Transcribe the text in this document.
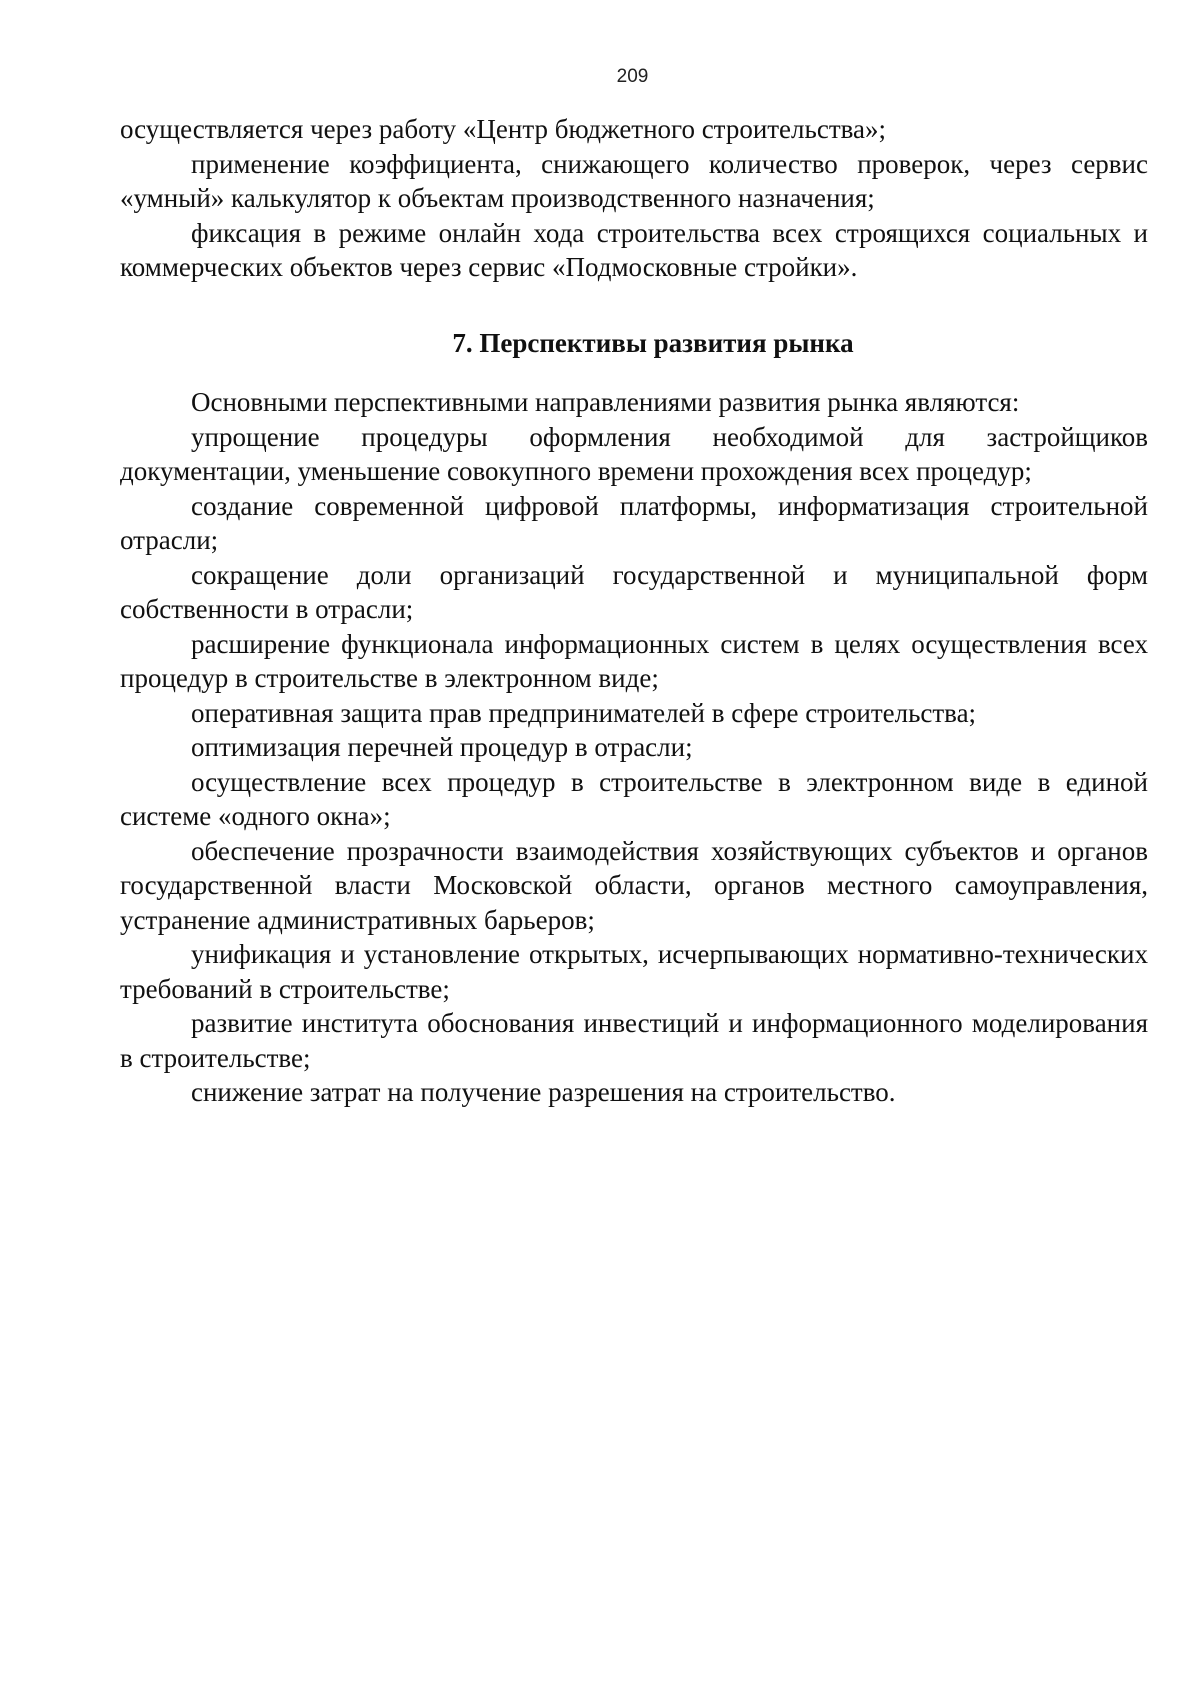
209

осуществляется через работу «Центр бюджетного строительства»;

применение коэффициента, снижающего количество проверок, через сервис «умный» калькулятор к объектам производственного назначения;

фиксация в режиме онлайн хода строительства всех строящихся социальных и коммерческих объектов через сервис «Подмосковные стройки».

7. Перспективы развития рынка

Основными перспективными направлениями развития рынка являются:

упрощение процедуры оформления необходимой для застройщиков документации, уменьшение совокупного времени прохождения всех процедур;

создание современной цифровой платформы, информатизация строительной отрасли;

сокращение доли организаций государственной и муниципальной форм собственности в отрасли;

расширение функционала информационных систем в целях осуществления всех процедур в строительстве в электронном виде;

оперативная защита прав предпринимателей в сфере строительства;

оптимизация перечней процедур в отрасли;

осуществление всех процедур в строительстве в электронном виде в единой системе «одного окна»;

обеспечение прозрачности взаимодействия хозяйствующих субъектов и органов государственной власти Московской области, органов местного самоуправления, устранение административных барьеров;

унификация и установление открытых, исчерпывающих нормативно-технических требований в строительстве;

развитие института обоснования инвестиций и информационного моделирования в строительстве;

снижение затрат на получение разрешения на строительство.
